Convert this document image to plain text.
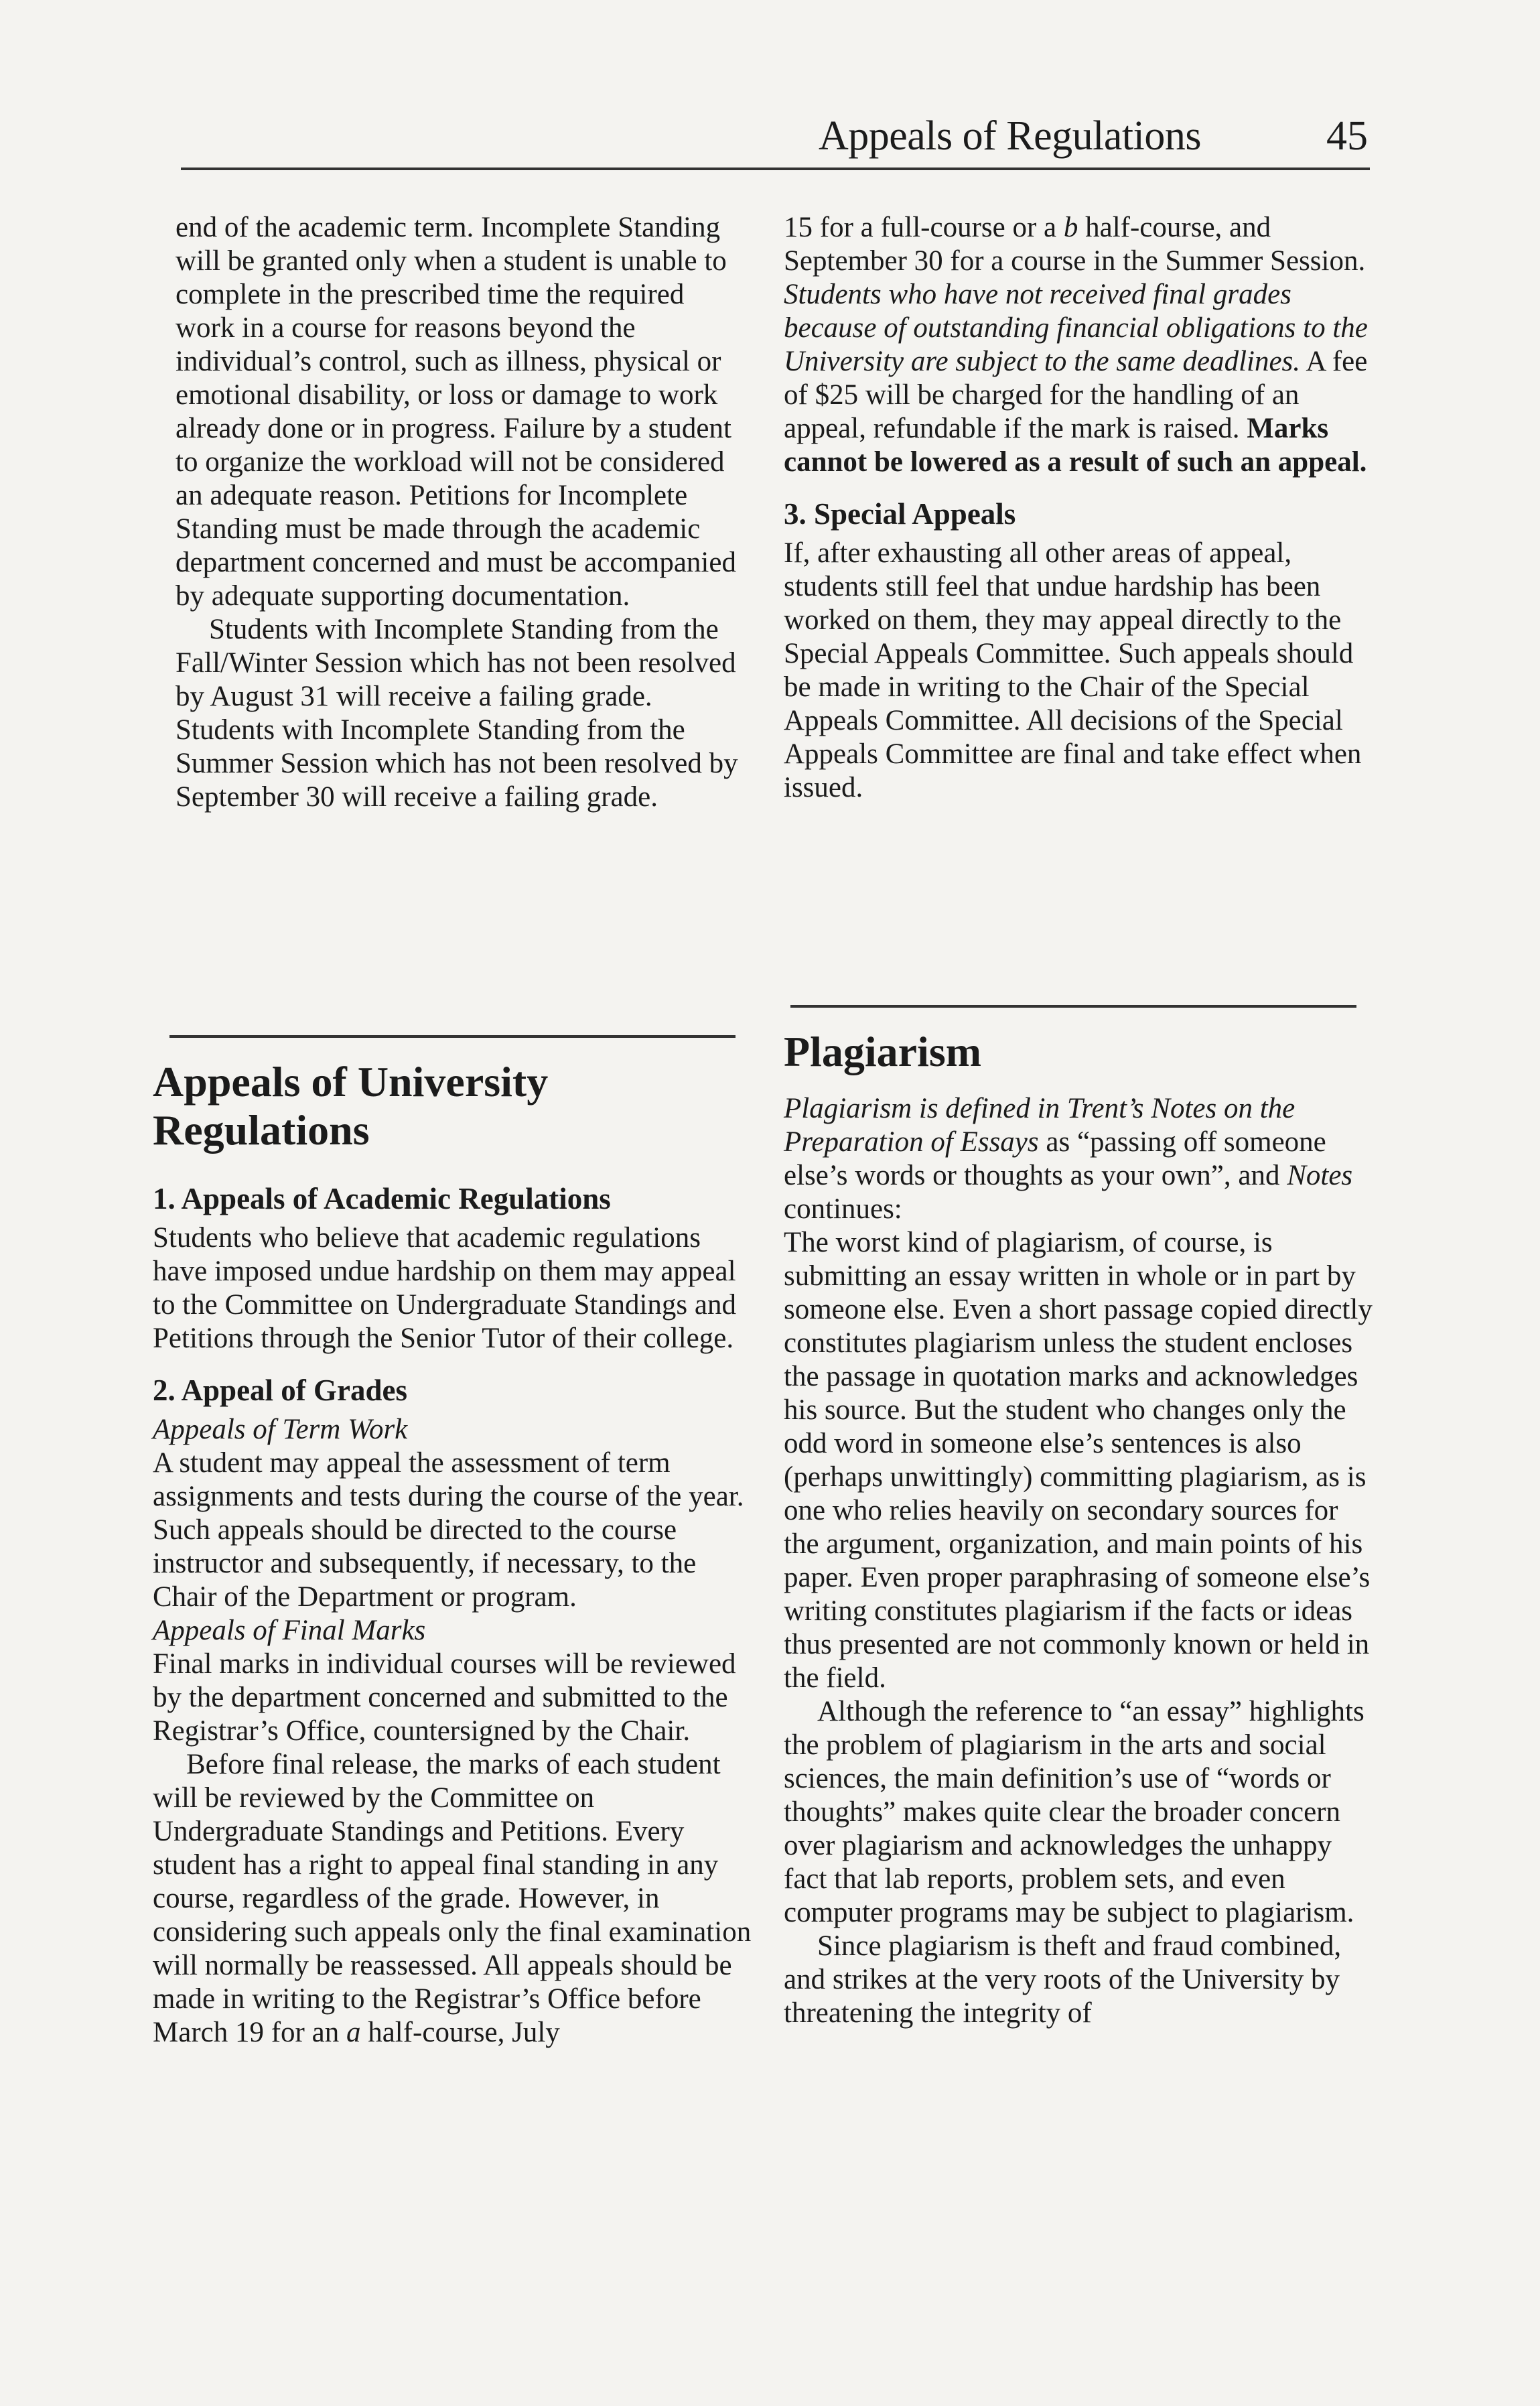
Appeals of Regulations	45

end of the academic term. Incomplete Standing will be granted only when a student is unable to complete in the prescribed time the required work in a course for reasons beyond the individual’s control, such as illness, physical or emotional disability, or loss or damage to work already done or in progress. Failure by a student to organize the workload will not be considered an adequate reason. Petitions for Incomplete Standing must be made through the academic department concerned and must be accompanied by adequate supporting documentation.

Students with Incomplete Standing from the Fall/Winter Session which has not been resolved by August 31 will receive a failing grade. Students with Incomplete Standing from the Summer Session which has not been resolved by September 30 will receive a failing grade.

15 for a full-course or a b half-course, and September 30 for a course in the Summer Session. Students who have not received final grades because of outstanding financial obligations to the University are subject to the same deadlines. A fee of $25 will be charged for the handling of an appeal, refundable if the mark is raised. Marks cannot be lowered as a result of such an appeal.

3. Special Appeals

If, after exhausting all other areas of appeal, students still feel that undue hardship has been worked on them, they may appeal directly to the Special Appeals Committee. Such appeals should be made in writing to the Chair of the Special Appeals Committee. All decisions of the Special Appeals Committee are final and take effect when issued.

Appeals of University Regulations
1. Appeals of Academic Regulations

Students who believe that academic regulations have imposed undue hardship on them may appeal to the Committee on Undergraduate Standings and Petitions through the Senior Tutor of their college.

2. Appeal of Grades

Appeals of Term Work

A student may appeal the assessment of term assignments and tests during the course of the year. Such appeals should be directed to the course instructor and subsequently, if necessary, to the Chair of the Department or program.

Appeals of Final Marks

Final marks in individual courses will be reviewed by the department concerned and submitted to the Registrar’s Office, countersigned by the Chair.

Before final release, the marks of each student will be reviewed by the Committee on Undergraduate Standings and Petitions. Every student has a right to appeal final standing in any course, regardless of the grade. However, in considering such appeals only the final examination will normally be reassessed. All appeals should be made in writing to the Registrar’s Office before March 19 for an a half-course, July

Plagiarism

Plagiarism is defined in Trent’s Notes on the Preparation of Essays as “passing off someone else’s words or thoughts as your own”, and Notes continues:

The worst kind of plagiarism, of course, is submitting an essay written in whole or in part by someone else. Even a short passage copied directly constitutes plagiarism unless the student encloses the passage in quotation marks and acknowledges his source. But the student who changes only the odd word in someone else’s sentences is also (perhaps unwittingly) committing plagiarism, as is one who relies heavily on secondary sources for the argument, organization, and main points of his paper. Even proper paraphrasing of someone else’s writing constitutes plagiarism if the facts or ideas thus presented are not commonly known or held in the field.

Although the reference to “an essay” highlights the problem of plagiarism in the arts and social sciences, the main definition’s use of “words or thoughts” makes quite clear the broader concern over plagiarism and acknowledges the unhappy fact that lab reports, problem sets, and even computer programs may be subject to plagiarism.

Since plagiarism is theft and fraud combined, and strikes at the very roots of the University by threatening the integrity of
